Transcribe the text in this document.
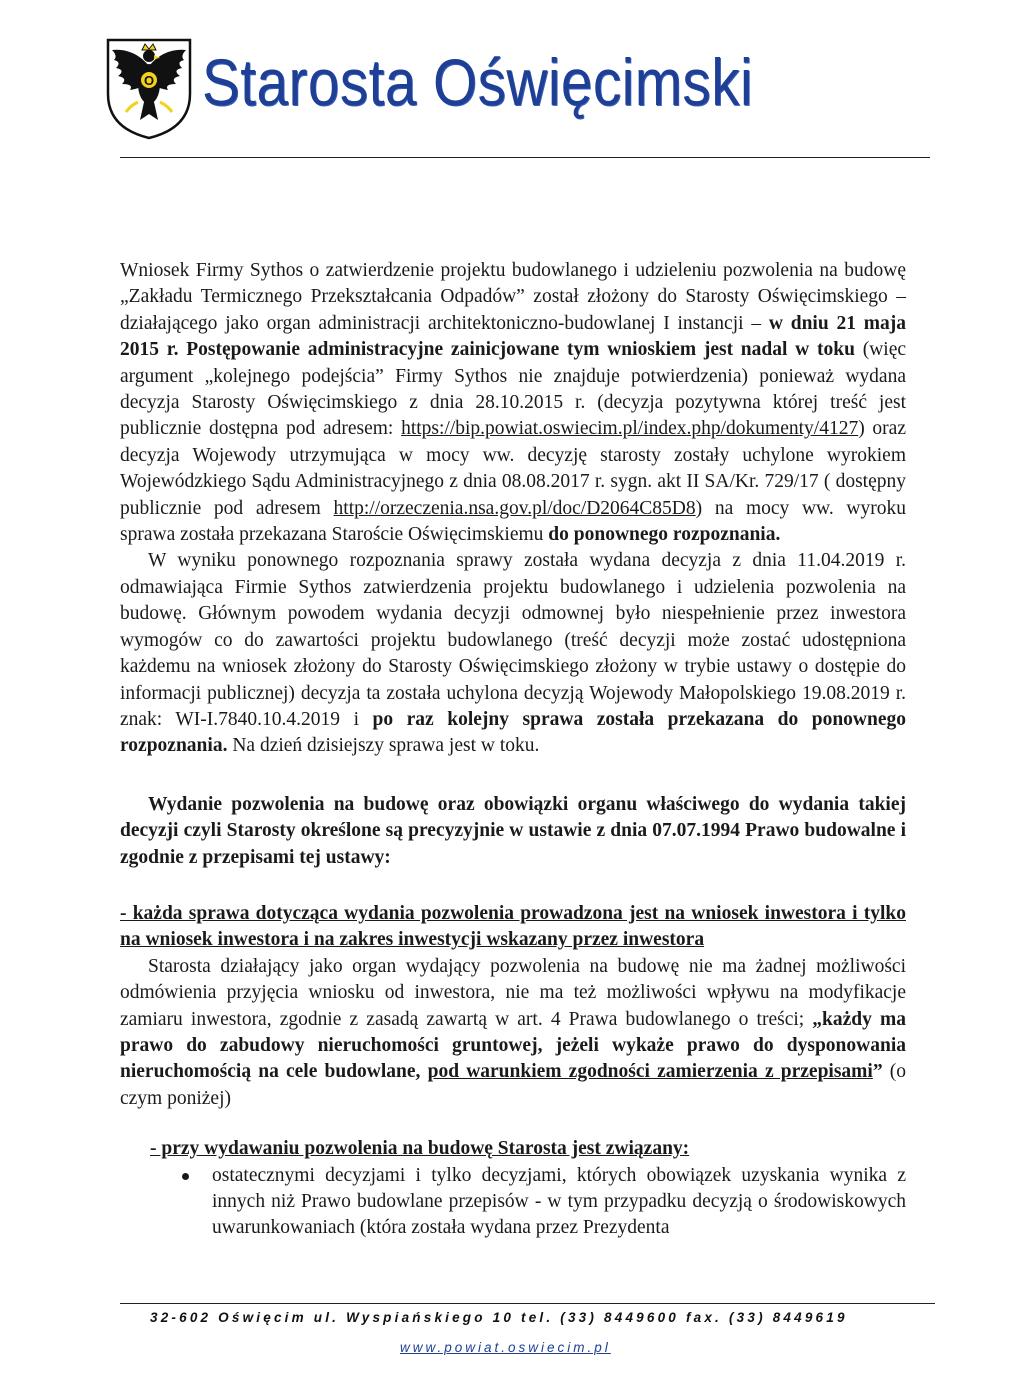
O Starosta Oświęcimski

Wniosek Firmy Sythos o zatwierdzenie projektu budowlanego i udzieleniu pozwolenia na budowę „Zakładu Termicznego Przekształcania Odpadów” został złożony do Starosty Oświęcimskiego – działającego jako organ administracji architektoniczno-budowlanej I instancji – w dniu 21 maja 2015 r. Postępowanie administracyjne zainicjowane tym wnioskiem jest nadal w toku (więc argument „kolejnego podejścia” Firmy Sythos nie znajduje potwierdzenia) ponieważ wydana decyzja Starosty Oświęcimskiego z dnia 28.10.2015 r. (decyzja pozytywna której treść jest publicznie dostępna pod adresem: https://bip.powiat.oswiecim.pl/index.php/dokumenty/4127) oraz decyzja Wojewody utrzymująca w mocy ww. decyzję starosty zostały uchylone wyrokiem Wojewódzkiego Sądu Administracyjnego z dnia 08.08.2017 r. sygn. akt II SA/Kr. 729/17 ( dostępny publicznie pod adresem http://orzeczenia.nsa.gov.pl/doc/D2064C85D8) na mocy ww. wyroku sprawa została przekazana Staroście Oświęcimskiemu do ponownego rozpoznania.

W wyniku ponownego rozpoznania sprawy została wydana decyzja z dnia 11.04.2019 r. odmawiająca Firmie Sythos zatwierdzenia projektu budowlanego i udzielenia pozwolenia na budowę. Głównym powodem wydania decyzji odmownej było niespełnienie przez inwestora wymogów co do zawartości projektu budowlanego (treść decyzji może zostać udostępniona każdemu na wniosek złożony do Starosty Oświęcimskiego złożony w trybie ustawy o dostępie do informacji publicznej) decyzja ta została uchylona decyzją Wojewody Małopolskiego 19.08.2019 r. znak: WI-I.7840.10.4.2019 i po raz kolejny sprawa została przekazana do ponownego rozpoznania. Na dzień dzisiejszy sprawa jest w toku.

Wydanie pozwolenia na budowę oraz obowiązki organu właściwego do wydania takiej decyzji czyli Starosty określone są precyzyjnie w ustawie z dnia 07.07.1994 Prawo budowalne i zgodnie z przepisami tej ustawy:

- każda sprawa dotycząca wydania pozwolenia prowadzona jest na wniosek inwestora i tylko na wniosek inwestora i na zakres inwestycji wskazany przez inwestora

Starosta działający jako organ wydający pozwolenia na budowę nie ma żadnej możliwości odmówienia przyjęcia wniosku od inwestora, nie ma też możliwości wpływu na modyfikacje zamiaru inwestora, zgodnie z zasadą zawartą w art. 4 Prawa budowlanego o treści; „każdy ma prawo do zabudowy nieruchomości gruntowej, jeżeli wykaże prawo do dysponowania nieruchomością na cele budowlane, pod warunkiem zgodności zamierzenia z przepisami” (o czym poniżej)

- przy wydawaniu pozwolenia na budowę Starosta jest związany:

ostatecznymi decyzjami i tylko decyzjami, których obowiązek uzyskania wynika z innych niż Prawo budowlane przepisów - w tym przypadku decyzją o środowiskowych uwarunkowaniach (która została wydana przez Prezydenta
32-602 Oświęcim ul. Wyspiańskiego 10 tel. (33) 8449600 fax. (33) 8449619
www.powiat.oswiecim.pl
